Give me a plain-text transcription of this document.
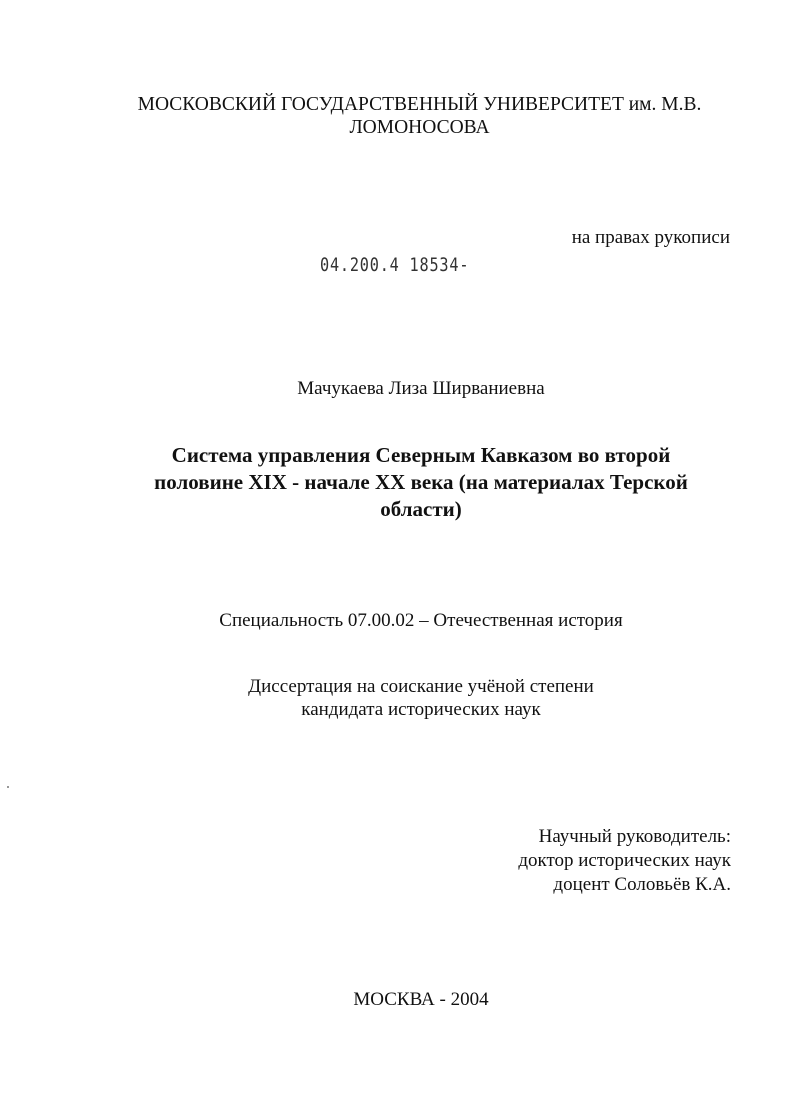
МОСКОВСКИЙ ГОСУДАРСТВЕННЫЙ УНИВЕРСИТЕТ им. М.В.
ЛОМОНОСОВА
на правах рукописи
04.200.4 18534-
Мачукаева Лиза Ширваниевна
Система управления Северным Кавказом во второй
половине XIX - начале XX века (на материалах Терской
области)
Специальность 07.00.02 – Отечественная история
Диссертация на соискание учёной степени
кандидата исторических наук
Научный руководитель:
доктор исторических наук
доцент Соловьёв К.А.
МОСКВА - 2004
